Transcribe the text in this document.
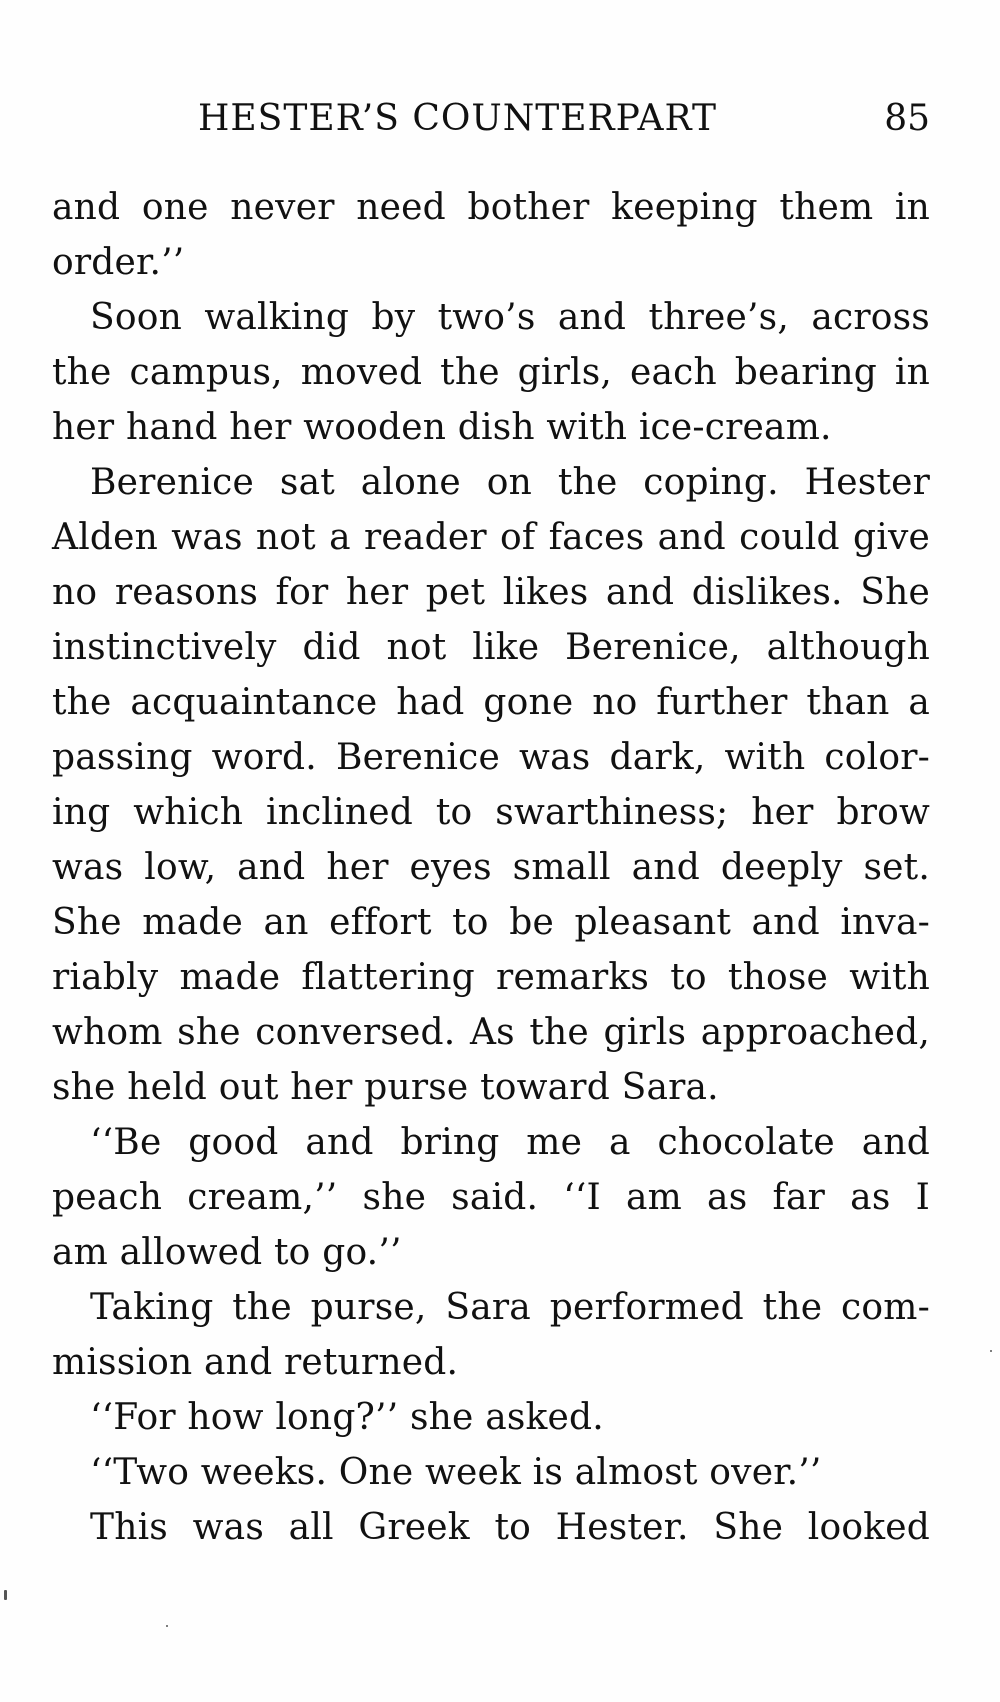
HESTER’S COUNTERPART	85
and one never need bother keeping them in
order.’’
Soon walking by two’s and three’s, across
the campus, moved the girls, each bearing in
her hand her wooden dish with ice-cream.
Berenice sat alone on the coping. Hester
Alden was not a reader of faces and could give
no reasons for her pet likes and dislikes. She
instinctively did not like Berenice, although
the acquaintance had gone no further than a
passing word. Berenice was dark, with color-
ing which inclined to swarthiness; her brow
was low, and her eyes small and deeply set.
She made an effort to be pleasant and inva-
riably made flattering remarks to those with
whom she conversed. As the girls approached,
she held out her purse toward Sara.
‘‘Be good and bring me a chocolate and
peach cream,’’ she said. ‘‘I am as far as I
am allowed to go.’’
Taking the purse, Sara performed the com-
mission and returned.
‘‘For how long?’’ she asked.
‘‘Two weeks. One week is almost over.’’
This was all Greek to Hester. She looked
